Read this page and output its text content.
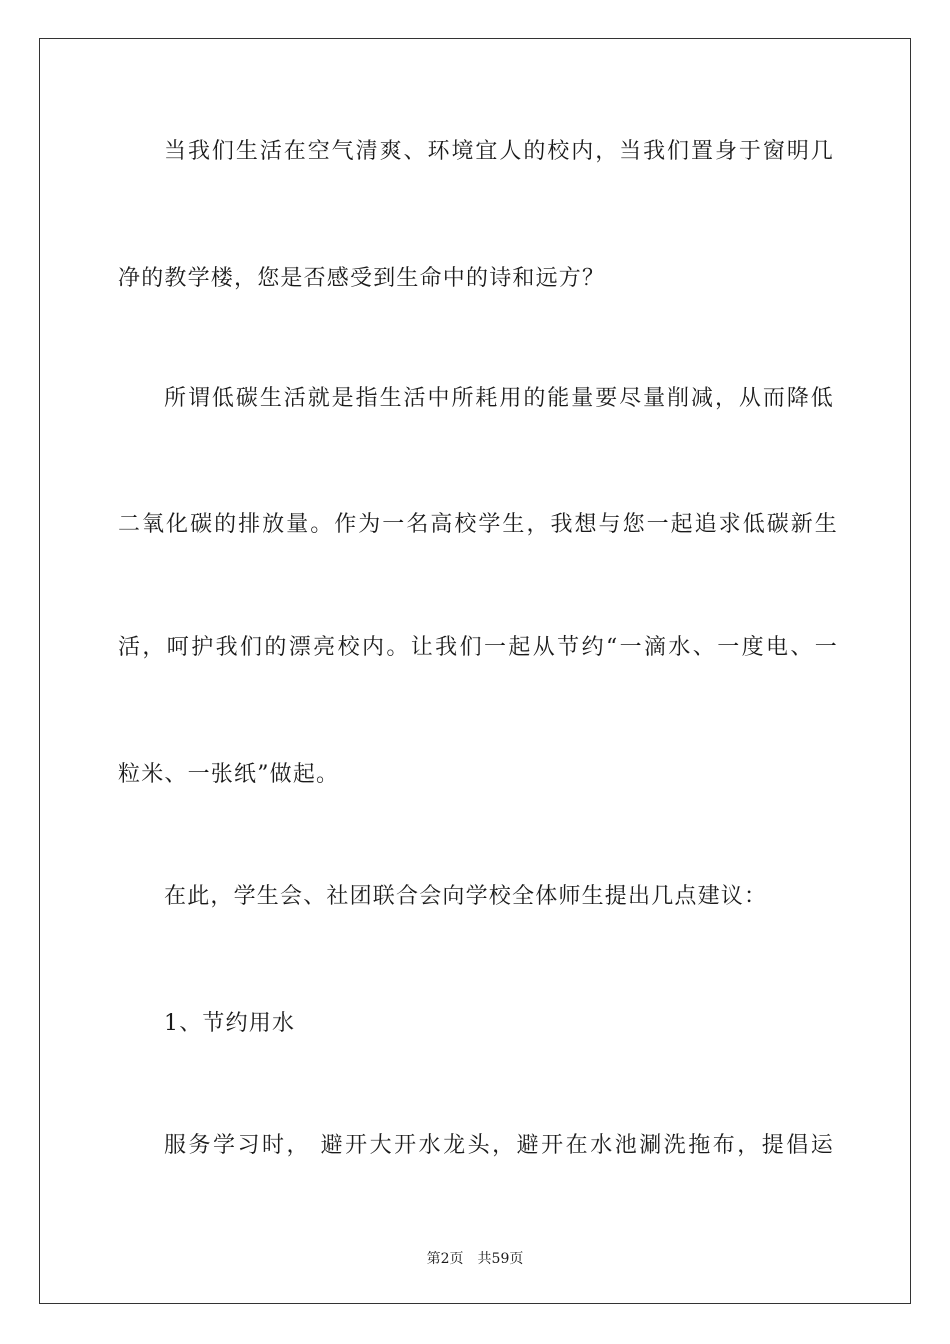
当我们生活在空气清爽、环境宜人的校内，当我们置身于窗明几
净的教学楼，您是否感受到生命中的诗和远方？
所谓低碳生活就是指生活中所耗用的能量要尽量削减，从而降低
二氧化碳的排放量。作为一名高校学生，我想与您一起追求低碳新生
活，呵护我们的漂亮校内。让我们一起从节约“一滴水、一度电、一
粒米、一张纸”做起。
在此，学生会、社团联合会向学校全体师生提出几点建议：
1、节约用水
服务学习时， 避开大开水龙头，避开在水池涮洗拖布，提倡运
第2页 共59页
